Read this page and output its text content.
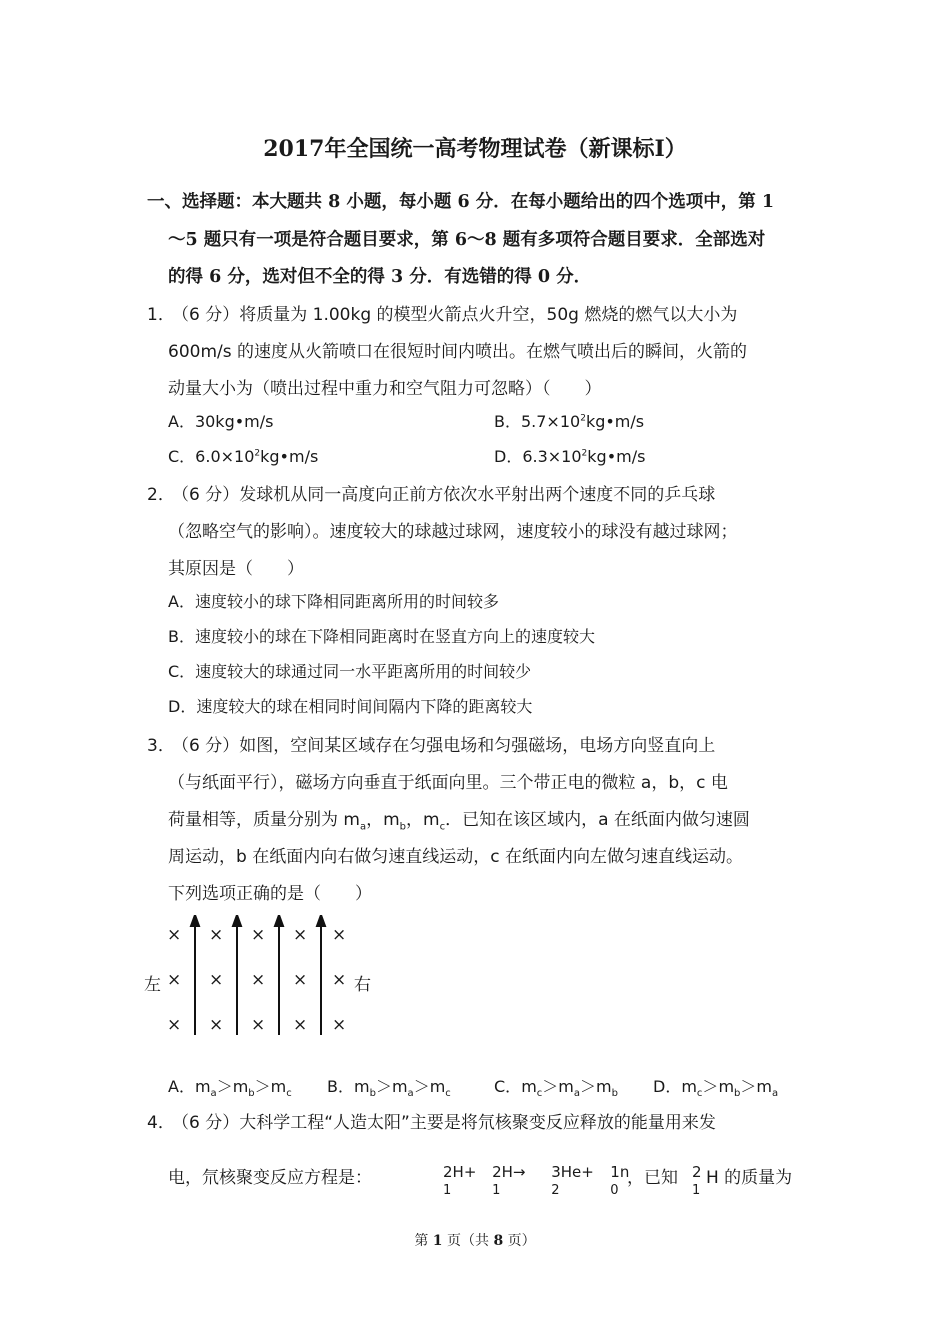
2017年全国统一高考物理试卷（新课标Ⅰ）
一、选择题：本大题共 8 小题，每小题 6 分．在每小题给出的四个选项中，第 1
～5 题只有一项是符合题目要求，第 6～8 题有多项符合题目要求．全部选对
的得 6 分，选对但不全的得 3 分．有选错的得 0 分．
1．
（6 分）将质量为 1.00kg 的模型火箭点火升空，50g 燃烧的燃气以大小为
600m/s 的速度从火箭喷口在很短时间内喷出。在燃气喷出后的瞬间，火箭的
动量大小为（喷出过程中重力和空气阻力可忽略）（　　）
A．30kg•m/s	B．$5.7\times 10^2kg•m/s$
C．$6.0\times 10^2kg•m/s$	D．$6.3\times 10^2kg•m/s$
2．
（6 分）发球机从同一高度向正前方依次水平射出两个速度不同的乒乓球
（忽略空气的影响）。速度较大的球越过球网，速度较小的球没有越过球网；
其原因是（　　）
A．速度较小的球下降相同距离所用的时间较多
B．速度较小的球在下降相同距离时在竖直方向上的速度较大
C．速度较大的球通过同一水平距离所用的时间较少
D．速度较大的球在相同时间间隔内下降的距离较大
3．
（6 分）如图，空间某区域存在匀强电场和匀强磁场，电场方向竖直向上
（与纸面平行），磁场方向垂直于纸面向里。三个带正电的微粒 a，b，c 电
荷量相等，质量分别为 $m_a$，$m_b$，$m_c$．已知在该区域内，a 在纸面内做匀速圆
周运动，b 在纸面内向右做匀速直线运动，c 在纸面内向左做匀速直线运动。
下列选项正确的是（　　）
× × × × ×
左 × × × × × 右
× × × × ×
A．$m_a>m_b>m_c$ B．$m_b>m_a>m_c$	C．$m_c>m_a>m_b$ D．$m_c>m_b>m_a$
4．
（6 分）大科学工程“人造太阳”主要是将氘核聚变反应释放的能量用来发
电，氘核聚变反应方程是：	2H+
1

2H→
1

3He+
2

1n
0
，已知 2
1
H 的质量为
第 1 页（共 8 页）
